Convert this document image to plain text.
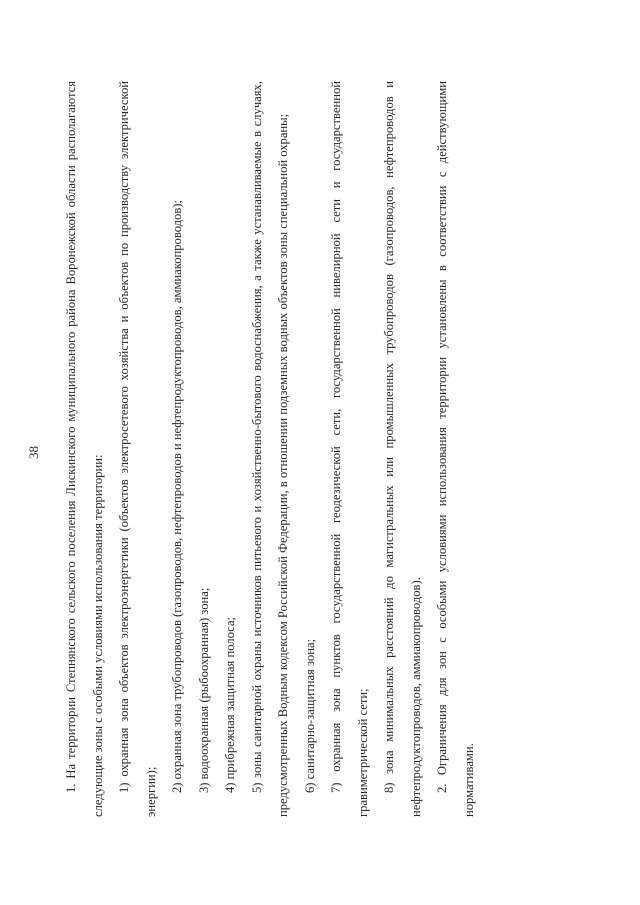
38	1. На территории Степнянского сельского поселения Лискинского муниципального района Воронежской области располагаются следующие зоны с особыми условиями использования территории: 1) охранная зона объектов электроэнергетики (объектов электросетевого хозяйства и объектов по производству электрической энергии); 2) охранная зона трубопроводов (газопроводов, нефтепроводов и нефтепродуктопроводов, аммиакопроводов); 3) водоохранная (рыбоохранная) зона; 4) прибрежная защитная полоса; 5) зоны санитарной охраны источников питьевого и хозяйственно-бытового водоснабжения, а также устанавливаемые в случаях, предусмотренных Водным кодексом Российской Федерации, в отношении подземных водных объектов зоны специальной охраны; 6) санитарно-защитная зона; 7) охранная зона пунктов государственной геодезической сети, государственной нивелирной сети и государственной гравиметрической сети; 8) зона минимальных расстояний до магистральных или промышленных трубопроводов (газопроводов, нефтепроводов и нефтепродуктопроводов, аммиакопроводов). 2. Ограничения для зон с особыми условиями использования территории установлены в соответствии с действующими нормативами.
